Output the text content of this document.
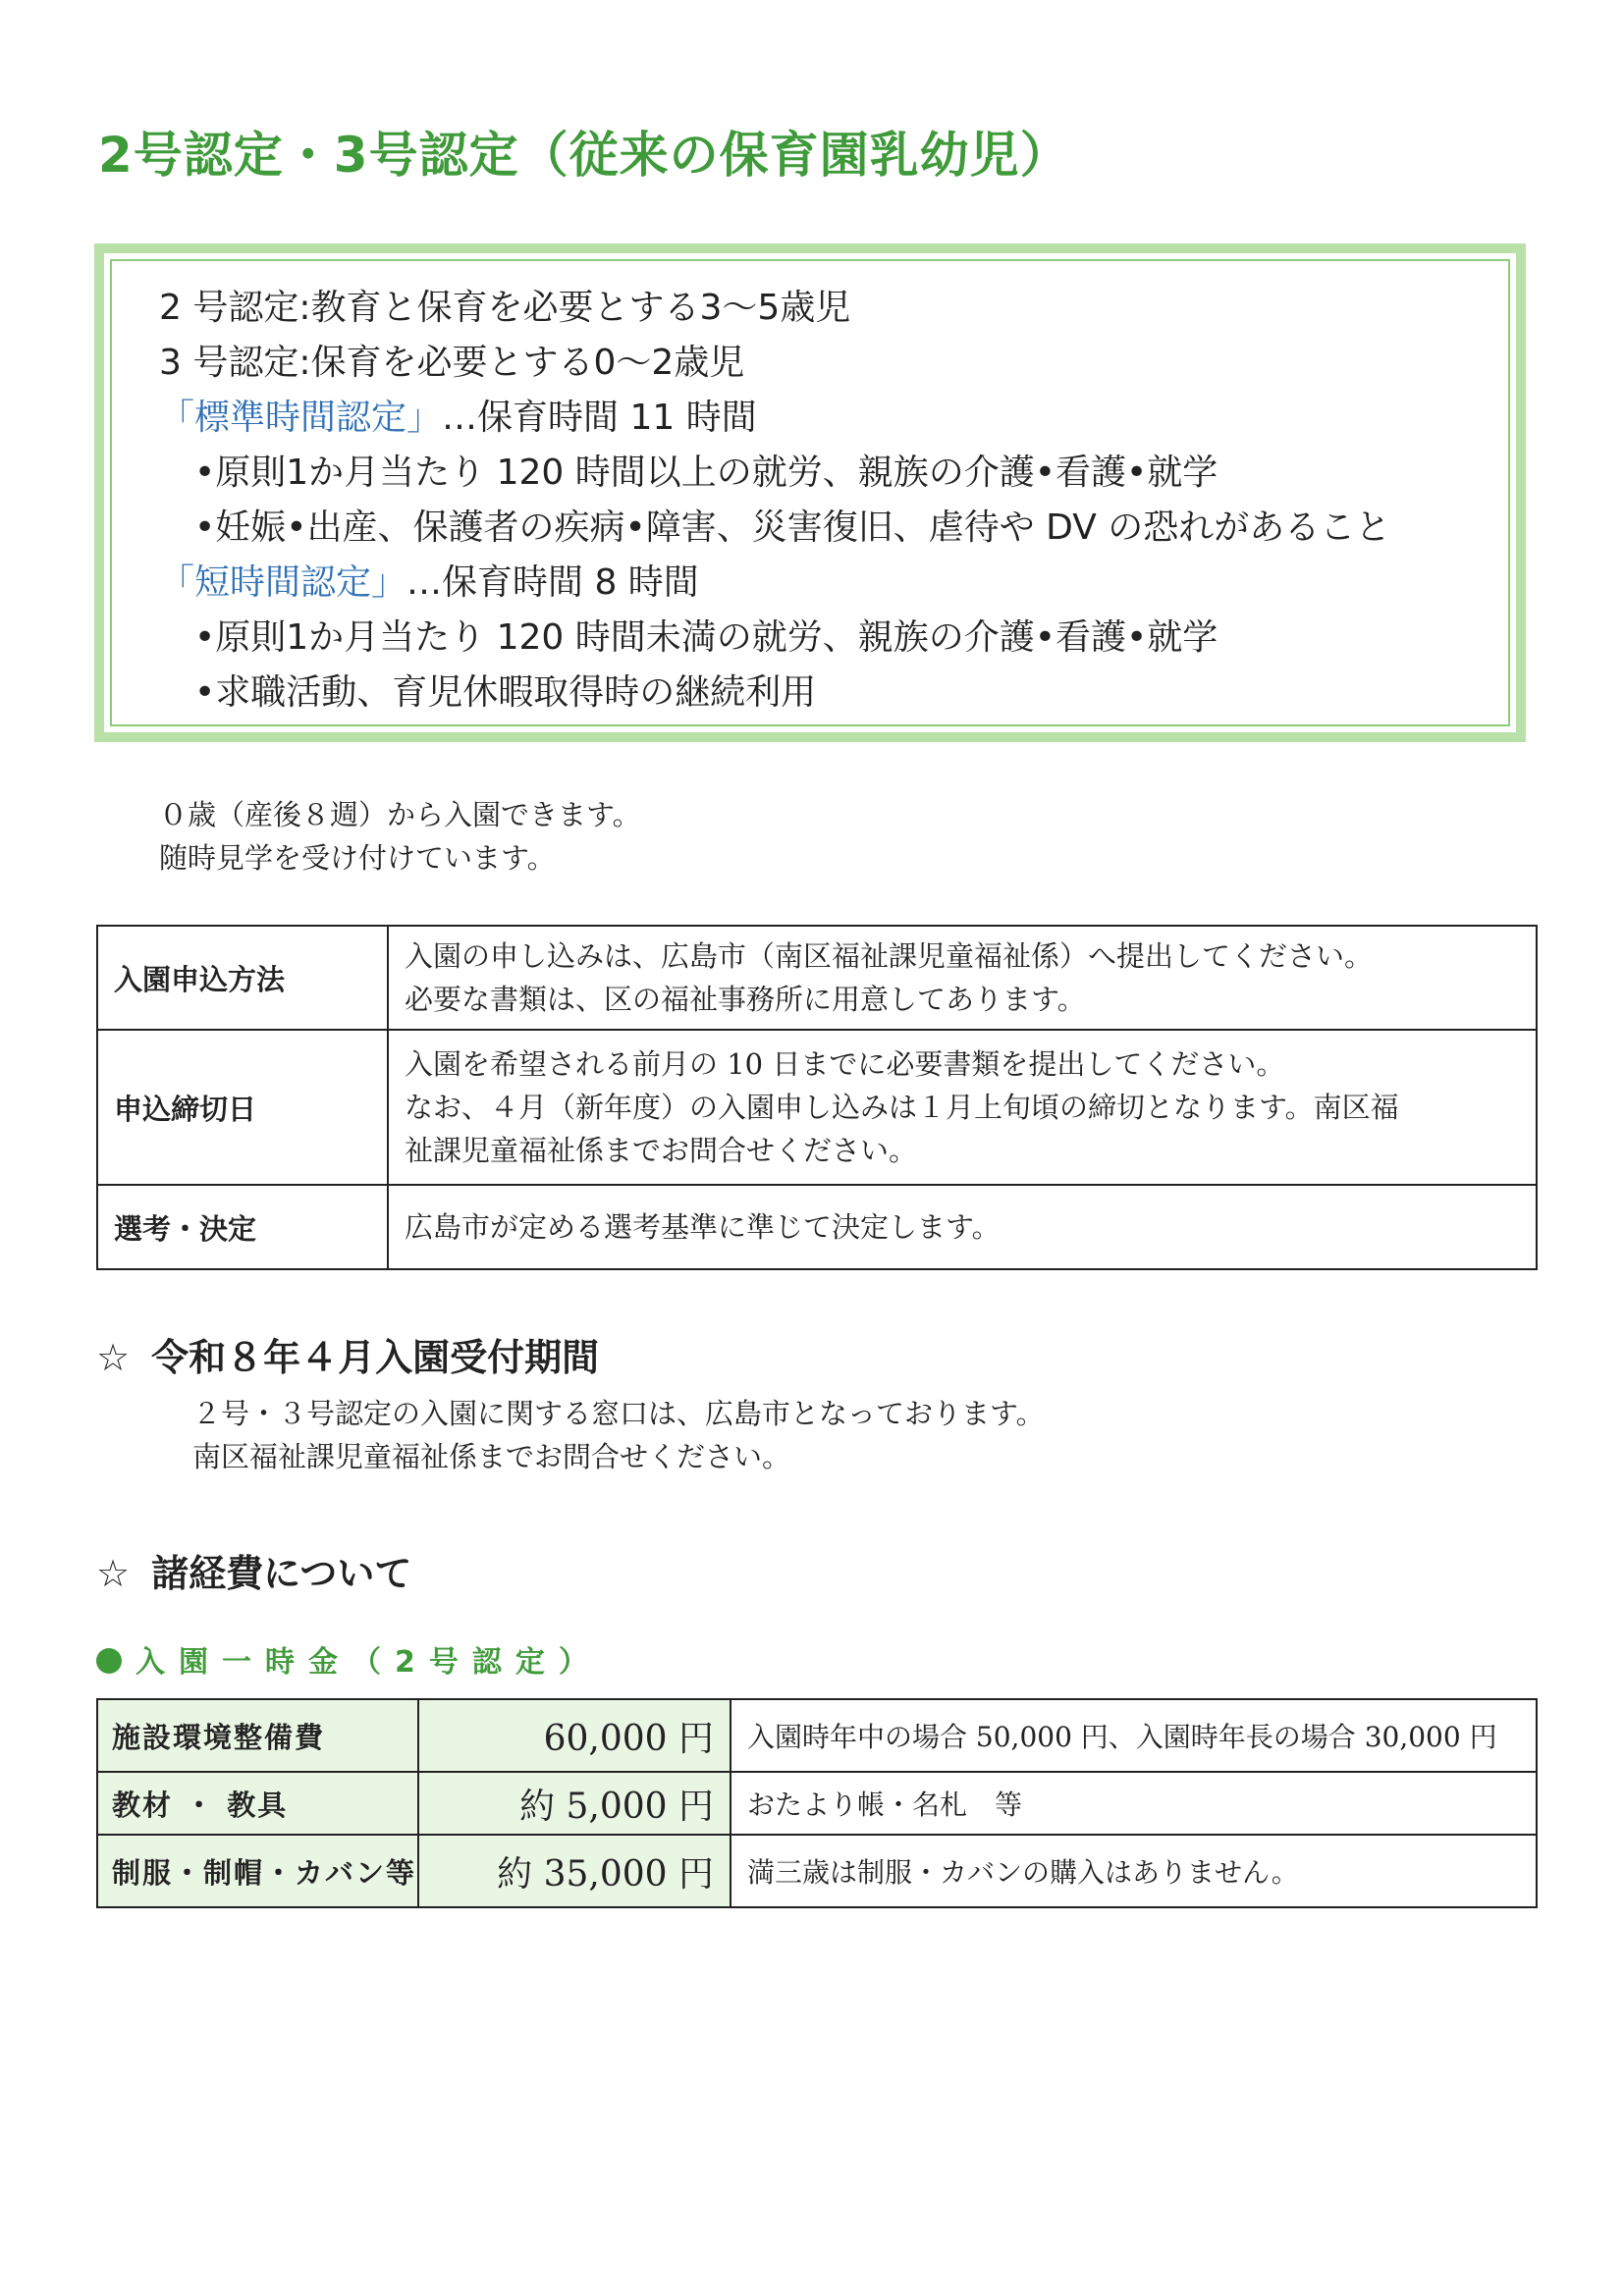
2号認定・3号認定（従来の保育園乳幼児）
2 号認定:教育と保育を必要とする3～5歳児
3 号認定:保育を必要とする0～2歳児
「標準時間認定」…保育時間 11 時間
•原則1か月当たり 120 時間以上の就労、親族の介護•看護•就学
•妊娠•出産、保護者の疾病•障害、災害復旧、虐待や DV の恐れがあること
「短時間認定」…保育時間 8 時間
•原則1か月当たり 120 時間未満の就労、親族の介護•看護•就学
•求職活動、育児休暇取得時の継続利用
０歳（産後８週）から入園できます。
随時見学を受け付けています。
入園申込方法	入園の申し込みは、広島市（南区福祉課児童福祉係）へ提出してください。
必要な書類は、区の福祉事務所に用意してあります。

申込締切日	入園を希望される前月の 10 日までに必要書類を提出してください。
なお、４月（新年度）の入園申し込みは１月上旬頃の締切となります。南区福
祉課児童福祉係までお問合せください。

選考・決定	広島市が定める選考基準に準じて決定します。
☆ 令和８年４月入園受付期間
２号・３号認定の入園に関する窓口は、広島市となっております。
南区福祉課児童福祉係までお問合せください。
☆ 諸経費について
入園一時金（2号認定）
施設環境整備費	60,000 円	入園時年中の場合 50,000 円、入園時年長の場合 30,000 円
教材 ・ 教具	約 5,000 円	おたより帳・名札　等
制服・制帽・カバン等	約 35,000 円	満三歳は制服・カバンの購入はありません。
